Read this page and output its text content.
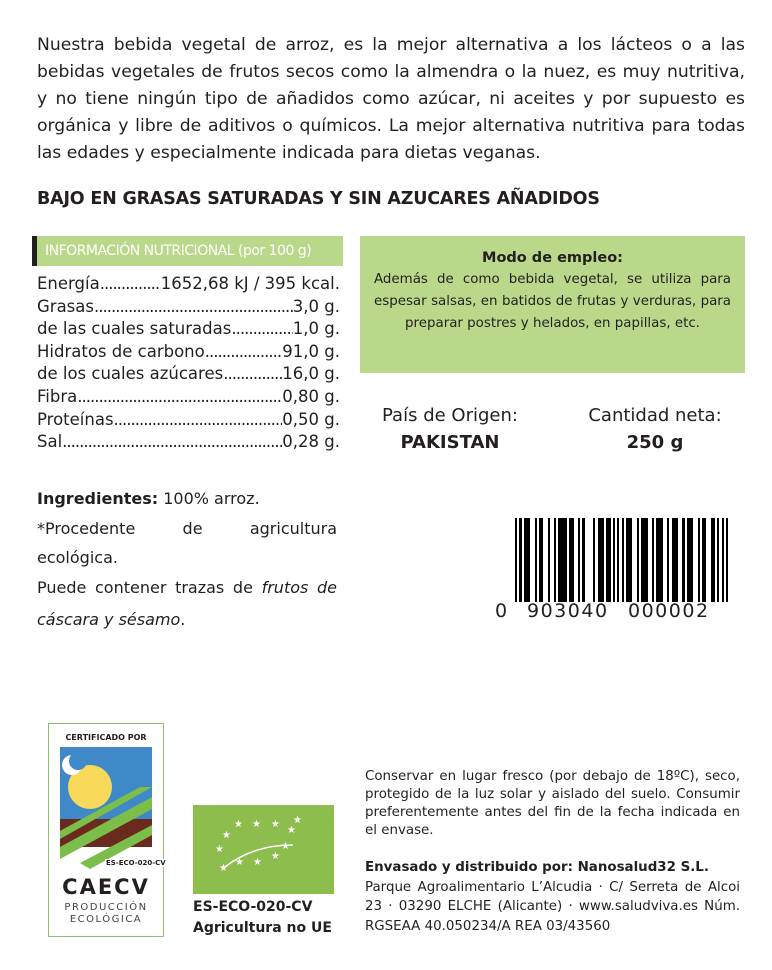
Nuestra bebida vegetal de arroz, es la mejor alternativa a los lácteos o a las bebidas vegetales de frutos secos como la almendra o la nuez, es muy nutritiva, y no tiene ningún tipo de añadidos como azúcar, ni aceites y por supuesto es orgánica y libre de aditivos o químicos. La mejor alternativa nutritiva para todas las edades y especialmente indicada para dietas veganas.

BAJO EN GRASAS SATURADAS Y SIN AZUCARES AÑADIDOS
INFORMACIÓN NUTRICIONAL (por 100 g)
Energía .....	1652,68 kJ / 395 kcal.
Grasas .....	3,0 g.
de las cuales saturadas .....	1,0 g.
Hidratos de carbono .....	91,0 g.
de los cuales azúcares .....	16,0 g.
Fibra .....	0,80 g.
Proteínas .....	0,50 g.
Sal .....	0,28 g.
Modo de empleo:

Además de como bebida vegetal, se utiliza para espesar salsas, en batidos de frutas y verduras, para preparar postres y helados, en papillas, etc.

País de Origen:
PAKISTAN
Cantidad neta:
250 g

Ingredientes: 100% arroz.

*Procedente de agricultura ecológica.

Puede contener trazas de frutos de cáscara y sésamo.	0 903040 000002
CERTIFICADO POR
ES-ECO-020-CV
CAECV
PRODUCCIÓN
ECOLÓGICA
★
★ ★
★
★
★
★
★
★
★
★
★
ES-ECO-020-CV
Agricultura no UE

Conservar en lugar fresco (por debajo de 18ºC), seco, protegido de la luz solar y aislado del suelo. Consumir preferentemente antes del fin de la fecha indicada en el envase.

Envasado y distribuido por: Nanosalud32 S.L.

Parque Agroalimentario L’Alcudia · C/ Serreta de Alcoi 23 · 03290 ELCHE (Alicante) · www.saludviva.es Núm. RGSEAA 40.050234/A REA 03/43560
